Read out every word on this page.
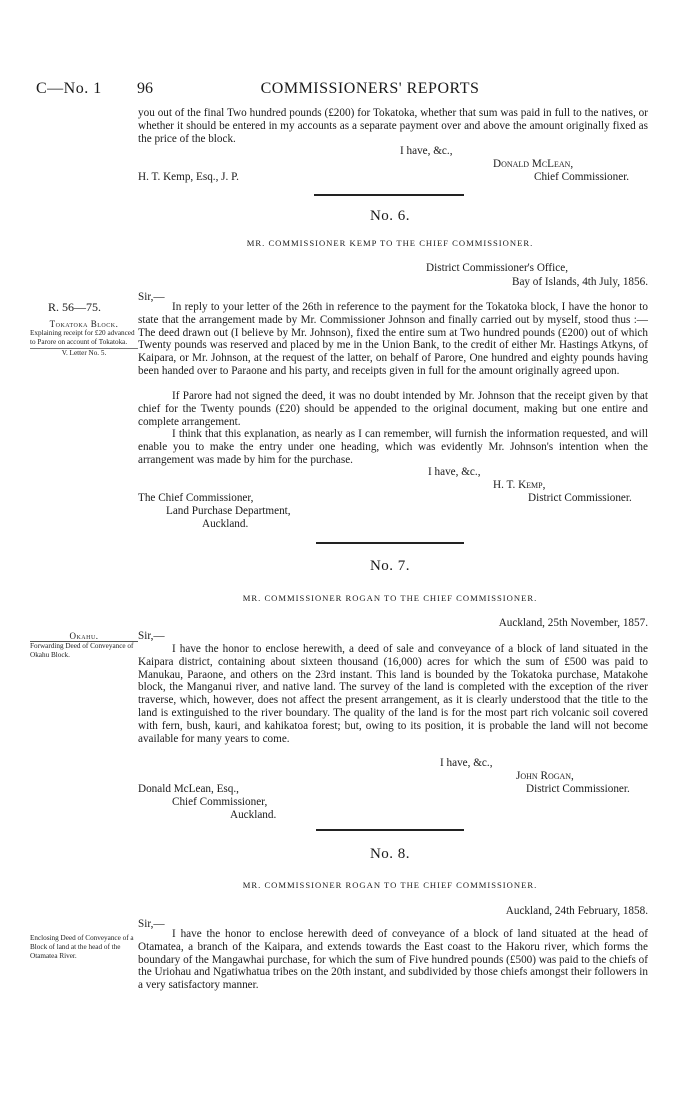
C—No. 1 96	COMMISSIONERS' REPORTS
you out of the final Two hundred pounds (£200) for Tokatoka, whether that sum was paid in full to the natives, or whether it should be entered in my accounts as a separate payment over and above the amount originally fixed as the price of the block.
I have, &c.,
Donald McLean,
H. T. Kemp, Esq., J. P.	Chief Commissioner.
No. 6.
MR. COMMISSIONER KEMP TO THE CHIEF COMMISSIONER.
District Commissioner's Office,
Bay of Islands, 4th July, 1856.
Sir,—
R. 56—75.
Tokatoka Block.
Explaining receipt for £20 advanced to Parore on account of Tokatoka.
V. Letter No. 5.
In reply to your letter of the 26th in reference to the payment for the Tokatoka block, I have the honor to state that the arrangement made by Mr. Commissioner Johnson and finally carried out by myself, stood thus :—The deed drawn out (I believe by Mr. Johnson), fixed the entire sum at Two hundred pounds (£200) out of which Twenty pounds was reserved and placed by me in the Union Bank, to the credit of either Mr. Hastings Atkyns, of Kaipara, or Mr. Johnson, at the request of the latter, on behalf of Parore, One hundred and eighty pounds having been handed over to Paraone and his party, and receipts given in full for the amount originally agreed upon.
If Parore had not signed the deed, it was no doubt intended by Mr. Johnson that the receipt given by that chief for the Twenty pounds (£20) should be appended to the original document, making but one entire and complete arrangement.
I think that this explanation, as nearly as I can remember, will furnish the information requested, and will enable you to make the entry under one heading, which was evidently Mr. Johnson's intention when the arrangement was made by him for the purchase.
I have, &c.,
H. T. Kemp,
The Chief Commissioner,	District Commissioner.
Land Purchase Department,
Auckland.
No. 7.
MR. COMMISSIONER ROGAN TO THE CHIEF COMMISSIONER.
Auckland, 25th November, 1857.
Sir,—
Okahu.
Forwarding Deed of Conveyance of Okahu Block.	I have the honor to enclose herewith, a deed of sale and conveyance of a block of land situated in the Kaipara district, containing about sixteen thousand (16,000) acres for which the sum of £500 was paid to Manukau, Paraone, and others on the 23rd instant. This land is bounded by the Tokatoka purchase, Matakohe block, the Manganui river, and native land. The survey of the land is completed with the exception of the river traverse, which, however, does not affect the present arrangement, as it is clearly understood that the title to the land is extinguished to the river boundary. The quality of the land is for the most part rich volcanic soil covered with fern, bush, kauri, and kahikatoa forest; but, owing to its position, it is probable the land will not become available for many years to come.
I have, &c.,
John Rogan,
Donald McLean, Esq.,	District Commissioner.
Chief Commissioner,
Auckland.
No. 8.
MR. COMMISSIONER ROGAN TO THE CHIEF COMMISSIONER.
Auckland, 24th February, 1858.
Sir,—
Enclosing Deed of Conveyance of a Block of land at the head of the Otamatea River.
I have the honor to enclose herewith deed of conveyance of a block of land situated at the head of Otamatea, a branch of the Kaipara, and extends towards the East coast to the Hakoru river, which forms the boundary of the Mangawhai purchase, for which the sum of Five hundred pounds (£500) was paid to the chiefs of the Uriohau and Ngatiwhatua tribes on the 20th instant, and subdivided by those chiefs amongst their followers in a very satisfactory manner.
